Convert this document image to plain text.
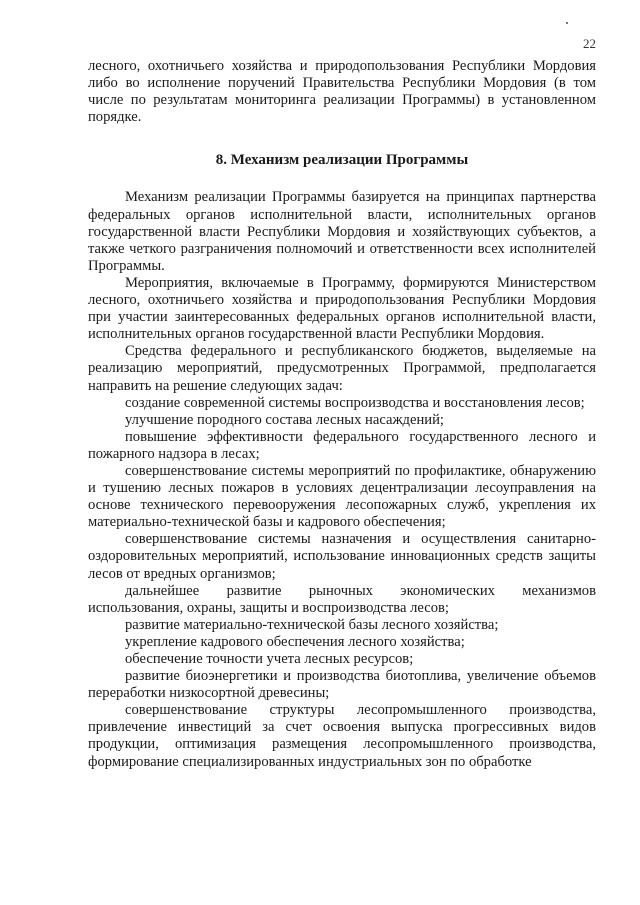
22

лесного, охотничьего хозяйства и природопользования Республики Мордовия либо во исполнение поручений Правительства Республики Мордовия (в том числе по результатам мониторинга реализации Программы) в установленном порядке.

8. Механизм реализации Программы

Механизм реализации Программы базируется на принципах партнерства федеральных органов исполнительной власти, исполнительных органов государственной власти Республики Мордовия и хозяйствующих субъектов, а также четкого разграничения полномочий и ответственности всех исполнителей Программы.

Мероприятия, включаемые в Программу, формируются Министерством лесного, охотничьего хозяйства и природопользования Республики Мордовия при участии заинтересованных федеральных органов исполнительной власти, исполнительных органов государственной власти Республики Мордовия.

Средства федерального и республиканского бюджетов, выделяемые на реализацию мероприятий, предусмотренных Программой, предполагается направить на решение следующих задач:

создание современной системы воспроизводства и восстановления лесов;

улучшение породного состава лесных насаждений;

повышение эффективности федерального государственного лесного и пожарного надзора в лесах;

совершенствование системы мероприятий по профилактике, обнаружению и тушению лесных пожаров в условиях децентрализации лесоуправления на основе технического перевооружения лесопожарных служб, укрепления их материально-технической базы и кадрового обеспечения;

совершенствование системы назначения и осуществления санитарно-оздоровительных мероприятий, использование инновационных средств защиты лесов от вредных организмов;

дальнейшее развитие рыночных экономических механизмов использования, охраны, защиты и воспроизводства лесов;

развитие материально-технической базы лесного хозяйства;

укрепление кадрового обеспечения лесного хозяйства;

обеспечение точности учета лесных ресурсов;

развитие биоэнергетики и производства биотоплива, увеличение объемов переработки низкосортной древесины;

совершенствование структуры лесопромышленного производства, привлечение инвестиций за счет освоения выпуска прогрессивных видов продукции, оптимизация размещения лесопромышленного производства, формирование специализированных индустриальных зон по обработке
